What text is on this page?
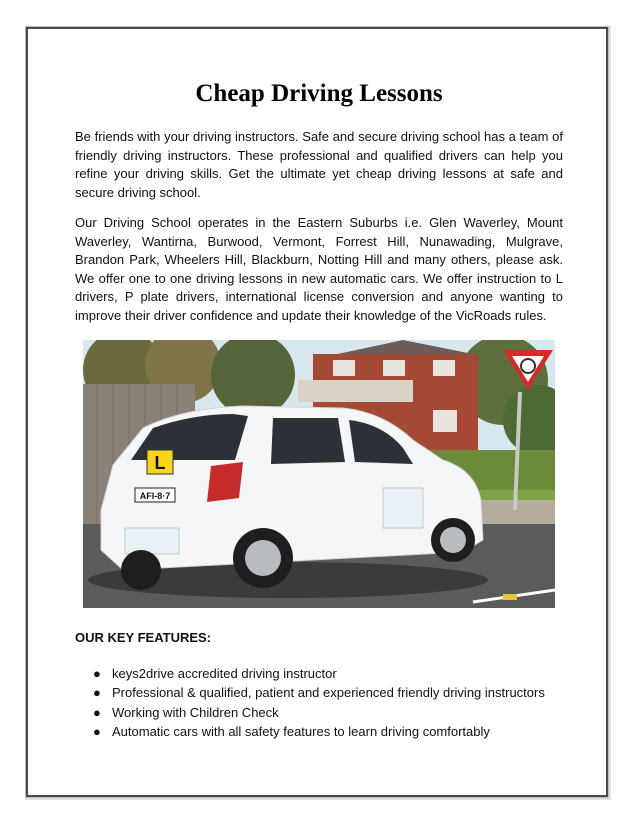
Cheap Driving Lessons

Be friends with your driving instructors. Safe and secure driving school has a team of friendly driving instructors. These professional and qualified drivers can help you refine your driving skills. Get the ultimate yet cheap driving lessons at safe and secure driving school.

Our Driving School operates in the Eastern Suburbs i.e. Glen Waverley, Mount Waverley, Wantirna, Burwood, Vermont, Forrest Hill, Nunawading, Mulgrave, Brandon Park, Wheelers Hill, Blackburn, Notting Hill and many others, please ask. We offer one to one driving lessons in new automatic cars. We offer instruction to L drivers, P plate drivers, international license conversion and anyone wanting to improve their driver confidence and update their knowledge of the VicRoads rules.

L
AFI-8·7

OUR KEY FEATURES:

● keys2drive accredited driving instructor
● Professional & qualified, patient and experienced friendly driving instructors
● Working with Children Check
● Automatic cars with all safety features to learn driving comfortably
